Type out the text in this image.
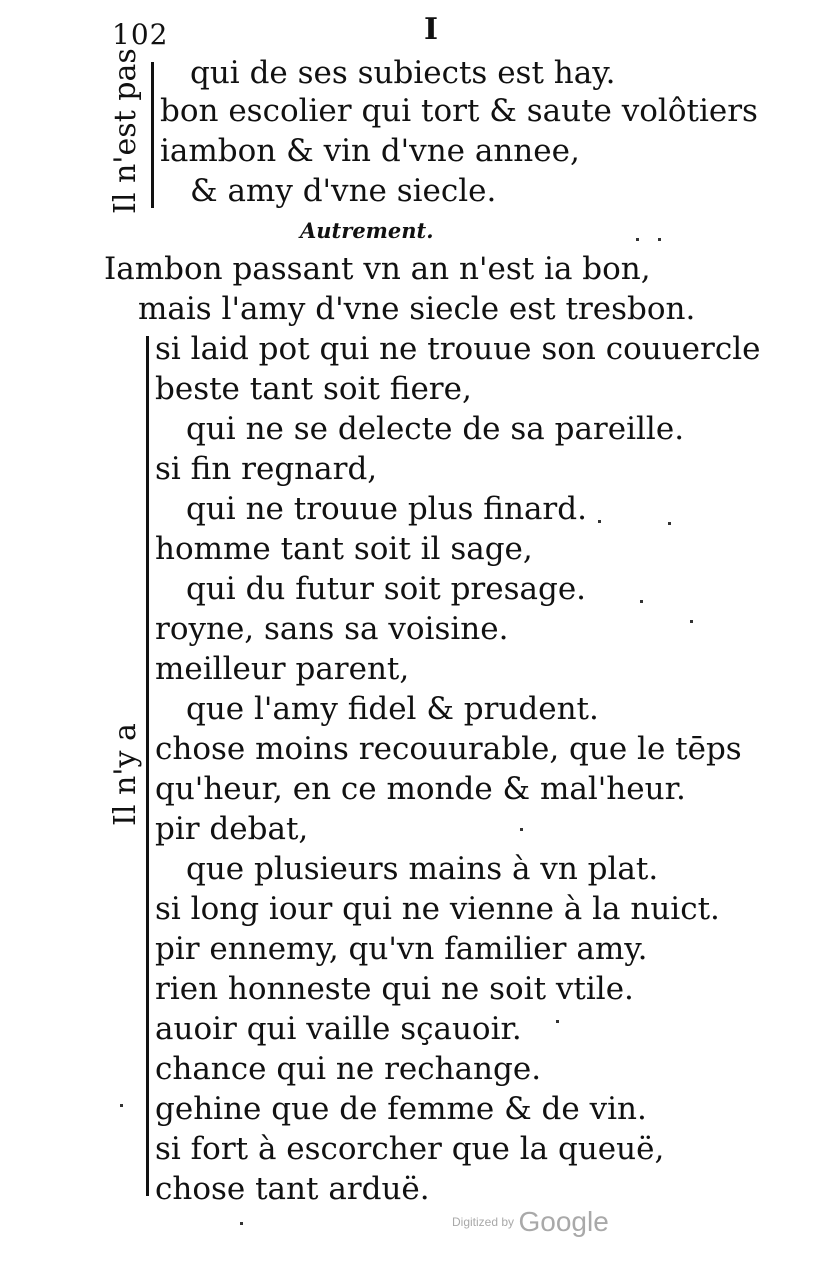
102	I
Il n'est pas qui de ses subiects est hay.
bon escolier qui tort & saute volôtiers
iambon & vin d'vne annee,
& amy d'vne siecle.
Autrement.
Iambon passant vn an n'est ia bon,
mais l'amy d'vne siecle est tresbon.
Il n'y a
si laid pot qui ne trouue son couuercle
beste tant soit fiere,
qui ne se delecte de sa pareille.
si fin regnard,
qui ne trouue plus finard.
homme tant soit il sage,
qui du futur soit presage.
royne, sans sa voisine.
meilleur parent,
que l'amy fidel & prudent.
chose moins recouurable, que le tēps
qu'heur, en ce monde & mal'heur.
pir debat,
que plusieurs mains à vn plat.
si long iour qui ne vienne à la nuict.
pir ennemy, qu'vn familier amy.
rien honneste qui ne soit vtile.
auoir qui vaille sçauoir.
chance qui ne rechange.
gehine que de femme & de vin.
si fort à escorcher que la queuë,
chose tant arduë.
Digitized by Google
